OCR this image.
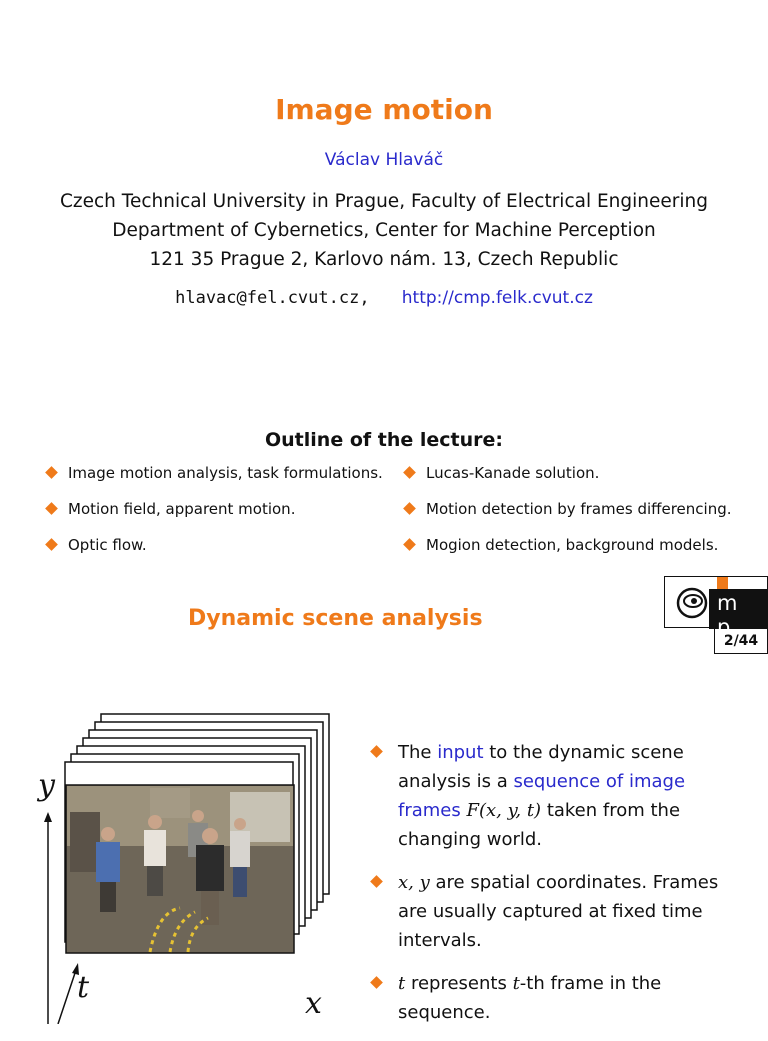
Image motion
Václav Hlaváč
Czech Technical University in Prague, Faculty of Electrical Engineering
Department of Cybernetics, Center for Machine Perception
121 35 Prague 2, Karlovo nám. 13, Czech Republic
hlavac@fel.cvut.cz, http://cmp.felk.cvut.cz
Outline of the lecture:
Image motion analysis, task formulations.
Motion field, apparent motion.
Optic flow.
Lucas-Kanade solution.
Motion detection by frames differencing.
Mogion detection, background models.
Dynamic scene analysis
m p
2/44
y
t	x
The input to the dynamic scene analysis is a sequence of image frames F(x, y, t) taken from the changing world.
x, y are spatial coordinates. Frames are usually captured at fixed time intervals.
t represents t-th frame in the sequence.
